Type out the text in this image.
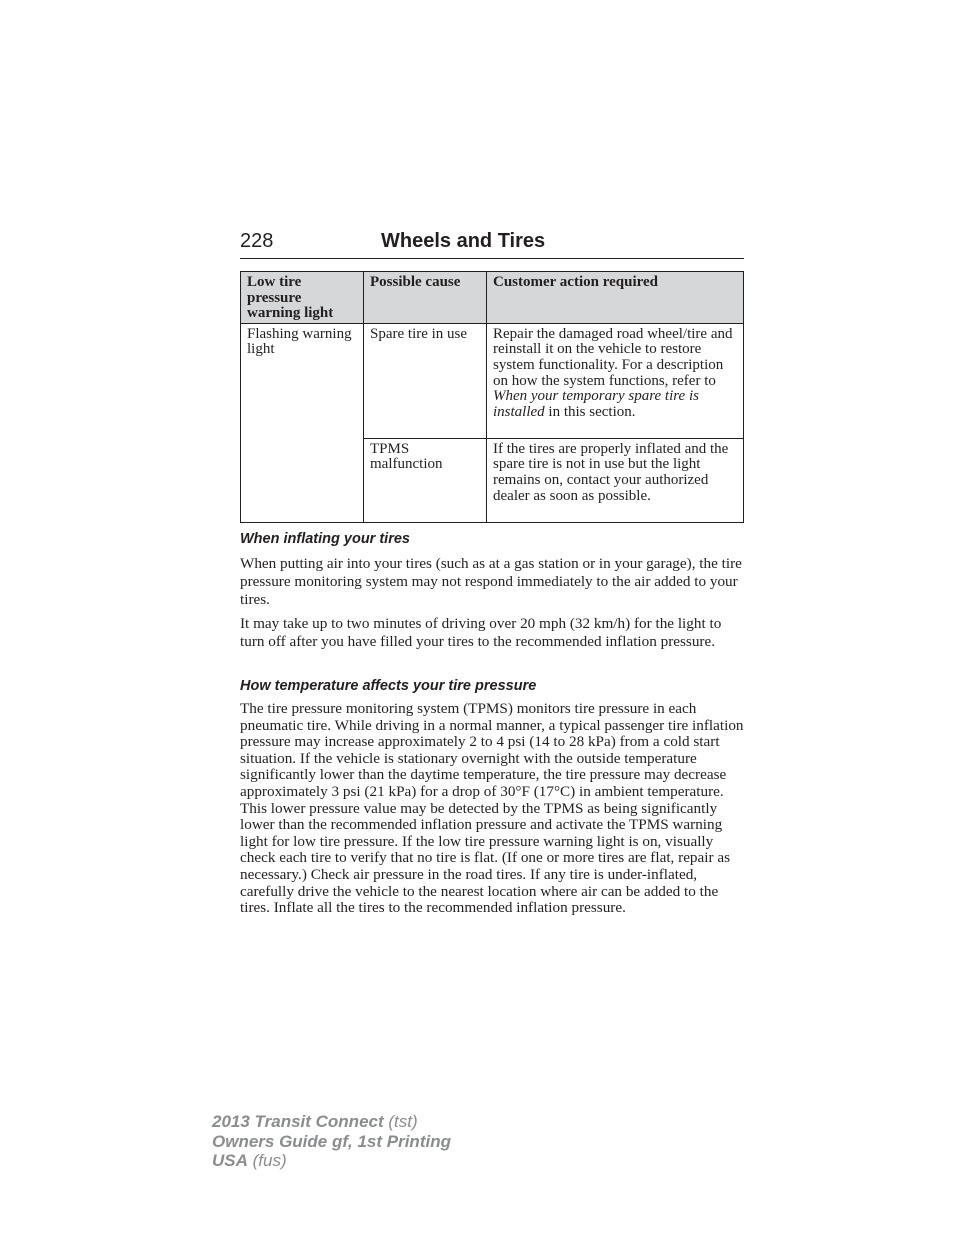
228	Wheels and Tires
Low tire pressure warning light	Possible cause	Customer action required
Flashing warning light	Spare tire in use	Repair the damaged road wheel/tire and reinstall it on the vehicle to restore system functionality. For a description on how the system functions, refer to When your temporary spare tire is installed in this section.
	TPMS malfunction	If the tires are properly inflated and the spare tire is not in use but the light remains on, contact your authorized dealer as soon as possible.
When inflating your tires

When putting air into your tires (such as at a gas station or in your garage), the tire pressure monitoring system may not respond immediately to the air added to your tires.

It may take up to two minutes of driving over 20 mph (32 km/h) for the light to turn off after you have filled your tires to the recommended inflation pressure.

How temperature affects your tire pressure

The tire pressure monitoring system (TPMS) monitors tire pressure in each pneumatic tire. While driving in a normal manner, a typical passenger tire inflation pressure may increase approximately 2 to 4 psi (14 to 28 kPa) from a cold start situation. If the vehicle is stationary overnight with the outside temperature significantly lower than the daytime temperature, the tire pressure may decrease approximately 3 psi (21 kPa) for a drop of 30°F (17°C) in ambient temperature. This lower pressure value may be detected by the TPMS as being significantly lower than the recommended inflation pressure and activate the TPMS warning light for low tire pressure. If the low tire pressure warning light is on, visually check each tire to verify that no tire is flat. (If one or more tires are flat, repair as necessary.) Check air pressure in the road tires. If any tire is under-inflated, carefully drive the vehicle to the nearest location where air can be added to the tires. Inflate all the tires to the recommended inflation pressure.

2013 Transit Connect (tst)
Owners Guide gf, 1st Printing
USA (fus)
